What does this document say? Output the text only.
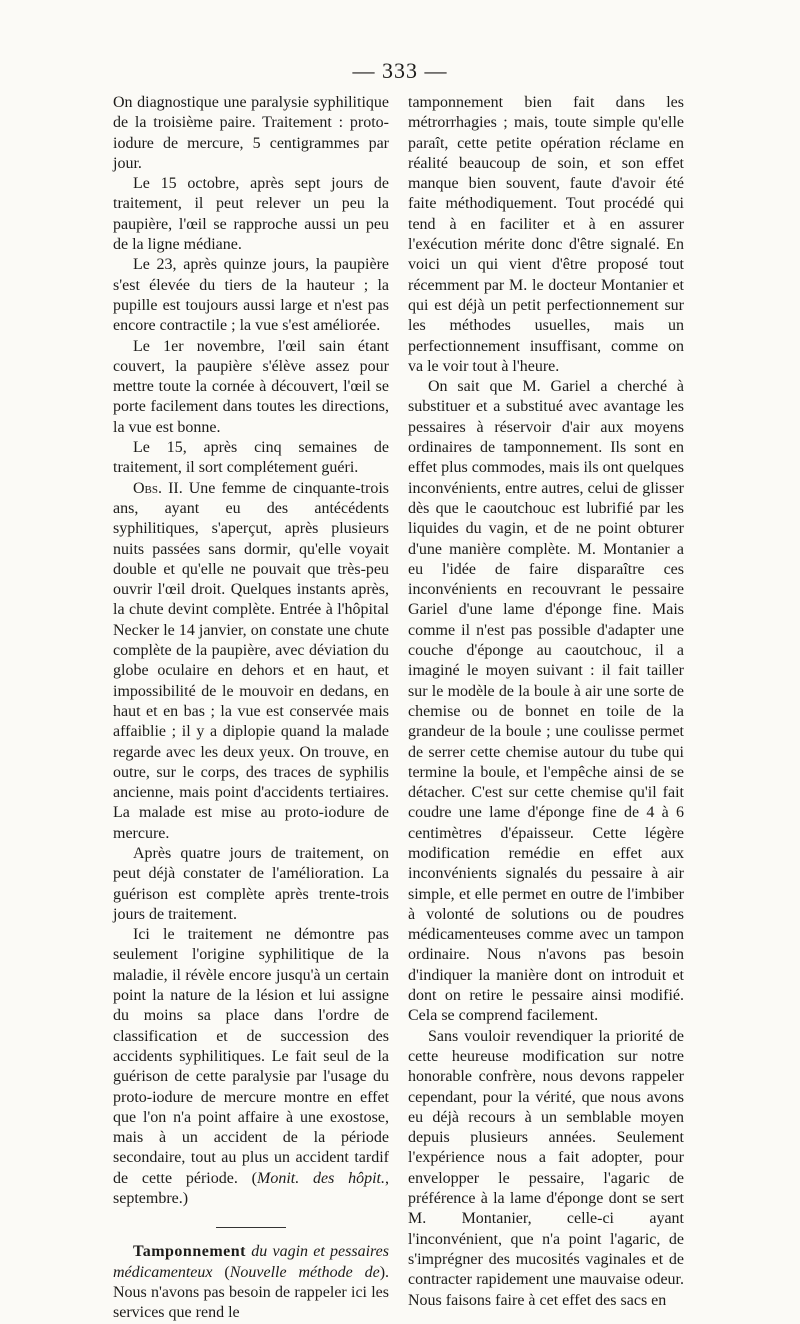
— 333 —

On diagnostique une paralysie syphilitique de la troisième paire. Traitement : proto-iodure de mercure, 5 centigrammes par jour.

Le 15 octobre, après sept jours de traitement, il peut relever un peu la paupière, l'œil se rapproche aussi un peu de la ligne médiane.

Le 23, après quinze jours, la paupière s'est élevée du tiers de la hauteur ; la pupille est toujours aussi large et n'est pas encore contractile ; la vue s'est améliorée.

Le 1er novembre, l'œil sain étant couvert, la paupière s'élève assez pour mettre toute la cornée à découvert, l'œil se porte facilement dans toutes les directions, la vue est bonne.

Le 15, après cinq semaines de traitement, il sort complétement guéri.

Obs. II. Une femme de cinquante-trois ans, ayant eu des antécédents syphilitiques, s'aperçut, après plusieurs nuits passées sans dormir, qu'elle voyait double et qu'elle ne pouvait que très-peu ouvrir l'œil droit. Quelques instants après, la chute devint complète. Entrée à l'hôpital Necker le 14 janvier, on constate une chute complète de la paupière, avec déviation du globe oculaire en dehors et en haut, et impossibilité de le mouvoir en dedans, en haut et en bas ; la vue est conservée mais affaiblie ; il y a diplopie quand la malade regarde avec les deux yeux. On trouve, en outre, sur le corps, des traces de syphilis ancienne, mais point d'accidents tertiaires. La malade est mise au proto-iodure de mercure.

Après quatre jours de traitement, on peut déjà constater de l'amélioration. La guérison est complète après trente-trois jours de traitement.

Ici le traitement ne démontre pas seulement l'origine syphilitique de la maladie, il révèle encore jusqu'à un certain point la nature de la lésion et lui assigne du moins sa place dans l'ordre de classification et de succession des accidents syphilitiques. Le fait seul de la guérison de cette paralysie par l'usage du proto-iodure de mercure montre en effet que l'on n'a point affaire à une exostose, mais à un accident de la période secondaire, tout au plus un accident tardif de cette période. (Monit. des hôpit., septembre.)

Tamponnement du vagin et pessaires médicamenteux (Nouvelle méthode de). Nous n'avons pas besoin de rappeler ici les services que rend le

tamponnement bien fait dans les métrorrhagies ; mais, toute simple qu'elle paraît, cette petite opération réclame en réalité beaucoup de soin, et son effet manque bien souvent, faute d'avoir été faite méthodiquement. Tout procédé qui tend à en faciliter et à en assurer l'exécution mérite donc d'être signalé. En voici un qui vient d'être proposé tout récemment par M. le docteur Montanier et qui est déjà un petit perfectionnement sur les méthodes usuelles, mais un perfectionnement insuffisant, comme on va le voir tout à l'heure.

On sait que M. Gariel a cherché à substituer et a substitué avec avantage les pessaires à réservoir d'air aux moyens ordinaires de tamponnement. Ils sont en effet plus commodes, mais ils ont quelques inconvénients, entre autres, celui de glisser dès que le caoutchouc est lubrifié par les liquides du vagin, et de ne point obturer d'une manière complète. M. Montanier a eu l'idée de faire disparaître ces inconvénients en recouvrant le pessaire Gariel d'une lame d'éponge fine. Mais comme il n'est pas possible d'adapter une couche d'éponge au caoutchouc, il a imaginé le moyen suivant : il fait tailler sur le modèle de la boule à air une sorte de chemise ou de bonnet en toile de la grandeur de la boule ; une coulisse permet de serrer cette chemise autour du tube qui termine la boule, et l'empêche ainsi de se détacher. C'est sur cette chemise qu'il fait coudre une lame d'éponge fine de 4 à 6 centimètres d'épaisseur. Cette légère modification remédie en effet aux inconvénients signalés du pessaire à air simple, et elle permet en outre de l'imbiber à volonté de solutions ou de poudres médicamenteuses comme avec un tampon ordinaire. Nous n'avons pas besoin d'indiquer la manière dont on introduit et dont on retire le pessaire ainsi modifié. Cela se comprend facilement.

Sans vouloir revendiquer la priorité de cette heureuse modification sur notre honorable confrère, nous devons rappeler cependant, pour la vérité, que nous avons eu déjà recours à un semblable moyen depuis plusieurs années. Seulement l'expérience nous a fait adopter, pour envelopper le pessaire, l'agaric de préférence à la lame d'éponge dont se sert M. Montanier, celle-ci ayant l'inconvénient, que n'a point l'agaric, de s'imprégner des mucosités vaginales et de contracter rapidement une mauvaise odeur. Nous faisons faire à cet effet des sacs en
